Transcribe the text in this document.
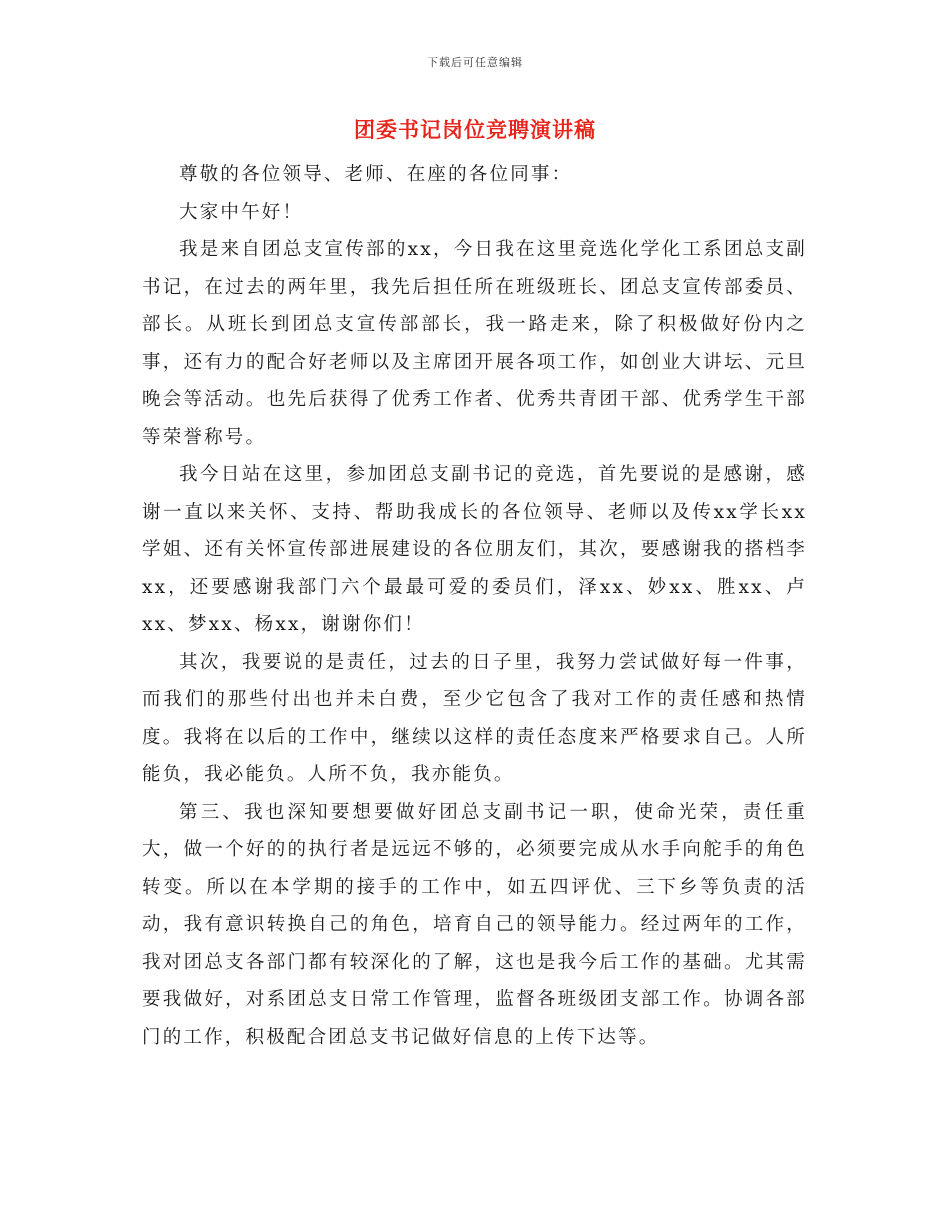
下载后可任意编辑
团委书记岗位竞聘演讲稿

尊敬的各位领导、老师、在座的各位同事：

大家中午好！

我是来自团总支宣传部的xx，今日我在这里竞选化学化工系团总支副书记，在过去的两年里，我先后担任所在班级班长、团总支宣传部委员、部长。从班长到团总支宣传部部长，我一路走来，除了积极做好份内之事，还有力的配合好老师以及主席团开展各项工作，如创业大讲坛、元旦晚会等活动。也先后获得了优秀工作者、优秀共青团干部、优秀学生干部等荣誉称号。

我今日站在这里，参加团总支副书记的竞选，首先要说的是感谢，感谢一直以来关怀、支持、帮助我成长的各位领导、老师以及传xx学长xx学姐、还有关怀宣传部进展建设的各位朋友们，其次，要感谢我的搭档李xx，还要感谢我部门六个最最可爱的委员们，泽xx、妙xx、胜xx、卢xx、梦xx、杨xx，谢谢你们！

其次，我要说的是责任，过去的日子里，我努力尝试做好每一件事，而我们的那些付出也并未白费，至少它包含了我对工作的责任感和热情度。我将在以后的工作中，继续以这样的责任态度来严格要求自己。人所能负，我必能负。人所不负，我亦能负。

第三、我也深知要想要做好团总支副书记一职，使命光荣，责任重大，做一个好的的执行者是远远不够的，必须要完成从水手向舵手的角色转变。所以在本学期的接手的工作中，如五四评优、三下乡等负责的活动，我有意识转换自己的角色，培育自己的领导能力。经过两年的工作，我对团总支各部门都有较深化的了解，这也是我今后工作的基础。尤其需要我做好，对系团总支日常工作管理，监督各班级团支部工作。协调各部门的工作，积极配合团总支书记做好信息的上传下达等。
